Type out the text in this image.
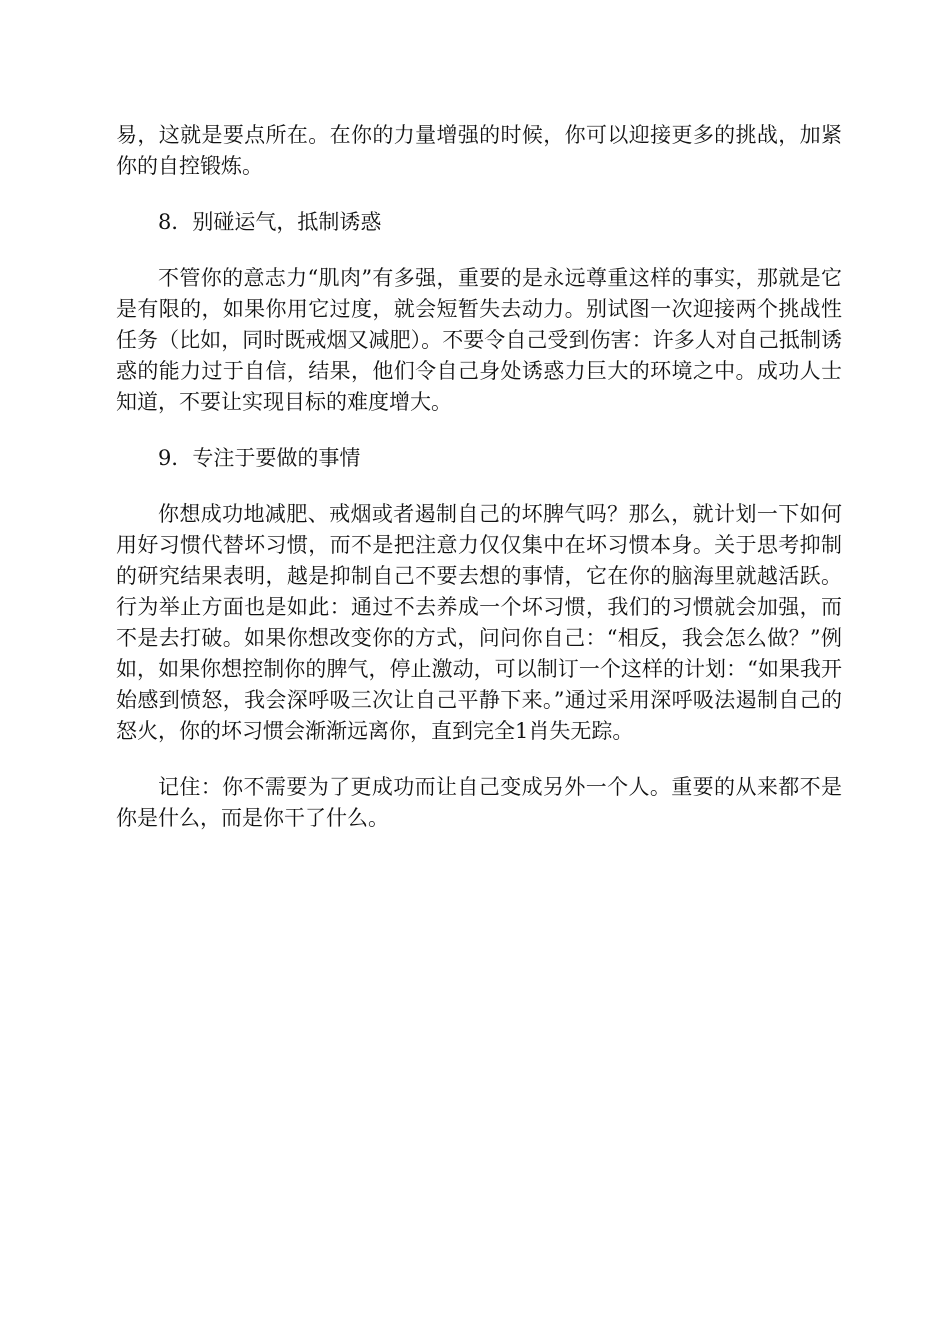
易，这就是要点所在。在你的力量增强的时候，你可以迎接更多的挑战，加紧你的自控锻炼。

8．别碰运气，抵制诱惑

不管你的意志力“肌肉”有多强，重要的是永远尊重这样的事实，那就是它是有限的，如果你用它过度，就会短暂失去动力。别试图一次迎接两个挑战性任务（比如，同时既戒烟又减肥）。不要令自己受到伤害：许多人对自己抵制诱惑的能力过于自信，结果，他们令自己身处诱惑力巨大的环境之中。成功人士知道，不要让实现目标的难度增大。

9．专注于要做的事情

你想成功地减肥、戒烟或者遏制自己的坏脾气吗？那么，就计划一下如何用好习惯代替坏习惯，而不是把注意力仅仅集中在坏习惯本身。关于思考抑制的研究结果表明，越是抑制自己不要去想的事情，它在你的脑海里就越活跃。行为举止方面也是如此：通过不去养成一个坏习惯，我们的习惯就会加强，而不是去打破。如果你想改变你的方式，问问你自己：“相反，我会怎么做？”例如，如果你想控制你的脾气，停止激动，可以制订一个这样的计划：“如果我开始感到愤怒，我会深呼吸三次让自己平静下来。”通过采用深呼吸法遏制自己的怒火，你的坏习惯会渐渐远离你，直到完全1肖失无踪。

记住：你不需要为了更成功而让自己变成另外一个人。重要的从来都不是你是什么，而是你干了什么。
